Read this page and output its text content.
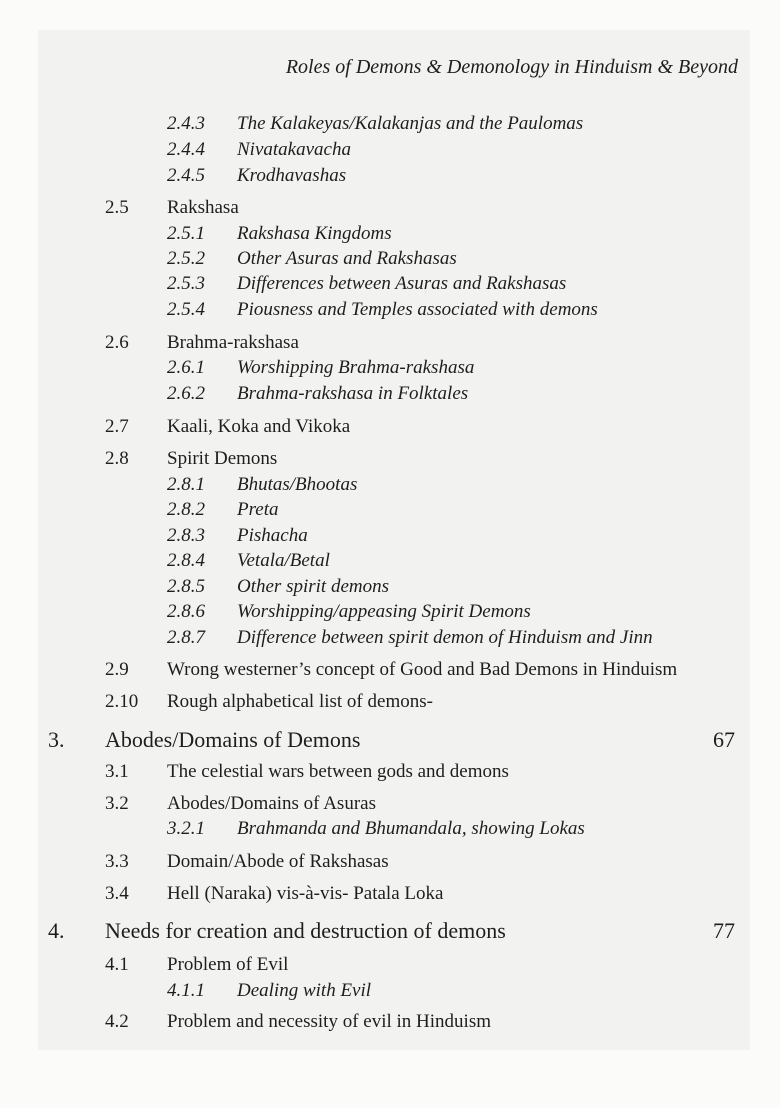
Roles of Demons & Demonology in Hinduism & Beyond
2.4.3 The Kalakeyas/Kalakanjas and the Paulomas
2.4.4 Nivatakavacha
2.4.5 Krodhavashas
2.5 Rakshasa
2.5.1 Rakshasa Kingdoms
2.5.2 Other Asuras and Rakshasas
2.5.3 Differences between Asuras and Rakshasas
2.5.4 Piousness and Temples associated with demons
2.6 Brahma-rakshasa
2.6.1 Worshipping Brahma-rakshasa
2.6.2 Brahma-rakshasa in Folktales
2.7 Kaali, Koka and Vikoka
2.8 Spirit Demons
2.8.1 Bhutas/Bhootas
2.8.2 Preta
2.8.3 Pishacha
2.8.4 Vetala/Betal
2.8.5 Other spirit demons
2.8.6 Worshipping/appeasing Spirit Demons
2.8.7 Difference between spirit demon of Hinduism and Jinn
2.9 Wrong westerner’s concept of Good and Bad Demons in Hinduism
2.10 Rough alphabetical list of demons-
3. Abodes/Domains of Demons	67
3.1 The celestial wars between gods and demons
3.2 Abodes/Domains of Asuras
3.2.1 Brahmanda and Bhumandala, showing Lokas
3.3 Domain/Abode of Rakshasas
3.4 Hell (Naraka) vis-à-vis- Patala Loka
4. Needs for creation and destruction of demons	77
4.1 Problem of Evil
4.1.1 Dealing with Evil
4.2 Problem and necessity of evil in Hinduism
